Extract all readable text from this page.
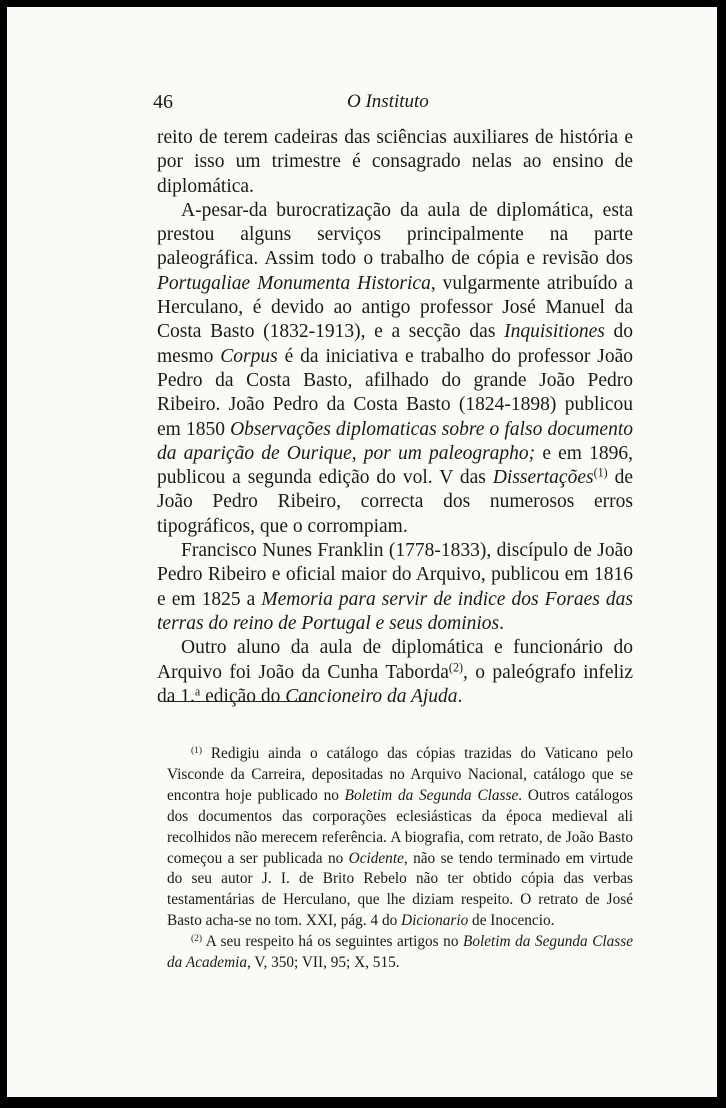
46	O Instituto

reito de terem cadeiras das sciências auxiliares de história e por isso um trimestre é consagrado nelas ao ensino de diplomática.

A-pesar-da burocratização da aula de diplomática, esta prestou alguns serviços principalmente na parte paleográfica. Assim todo o trabalho de cópia e revisão dos Portugaliae Monumenta Historica, vulgarmente atribuído a Herculano, é devido ao antigo professor José Manuel da Costa Basto (1832-1913), e a secção das Inquisitiones do mesmo Corpus é da iniciativa e trabalho do professor João Pedro da Costa Basto, afilhado do grande João Pedro Ribeiro. João Pedro da Costa Basto (1824-1898) publicou em 1850 Observações diplomaticas sobre o falso documento da aparição de Ourique, por um paleographo; e em 1896, publicou a segunda edição do vol. V das Dissertações$^{(1)}$ de João Pedro Ribeiro, correcta dos numerosos erros tipográficos, que o corrompiam.

Francisco Nunes Franklin (1778-1833), discípulo de João Pedro Ribeiro e oficial maior do Arquivo, publicou em 1816 e em 1825 a Memoria para servir de indice dos Foraes das terras do reino de Portugal e seus dominios.

Outro aluno da aula de diplomática e funcionário do Arquivo foi João da Cunha Taborda$^{(2)}$, o paleógrafo infeliz da 1.$^a$ edição do Cancioneiro da Ajuda.

$^{(1)}$ Redigiu ainda o catálogo das cópias trazidas do Vaticano pelo Visconde da Carreira, depositadas no Arquivo Nacional, catálogo que se encontra hoje publicado no Boletim da Segunda Classe. Outros catálogos dos documentos das corporações eclesiásticas da época medieval ali recolhidos não merecem referência. A biografia, com retrato, de João Basto começou a ser publicada no Ocidente, não se tendo terminado em virtude do seu autor J. I. de Brito Rebelo não ter obtido cópia das verbas testamentárias de Herculano, que lhe diziam respeito. O retrato de José Basto acha-se no tom. XXI, pág. 4 do Dicionario de Inocencio.

$^{(2)}$ A seu respeito há os seguintes artigos no Boletim da Segunda Classe da Academia, V, 350; VII, 95; X, 515.
